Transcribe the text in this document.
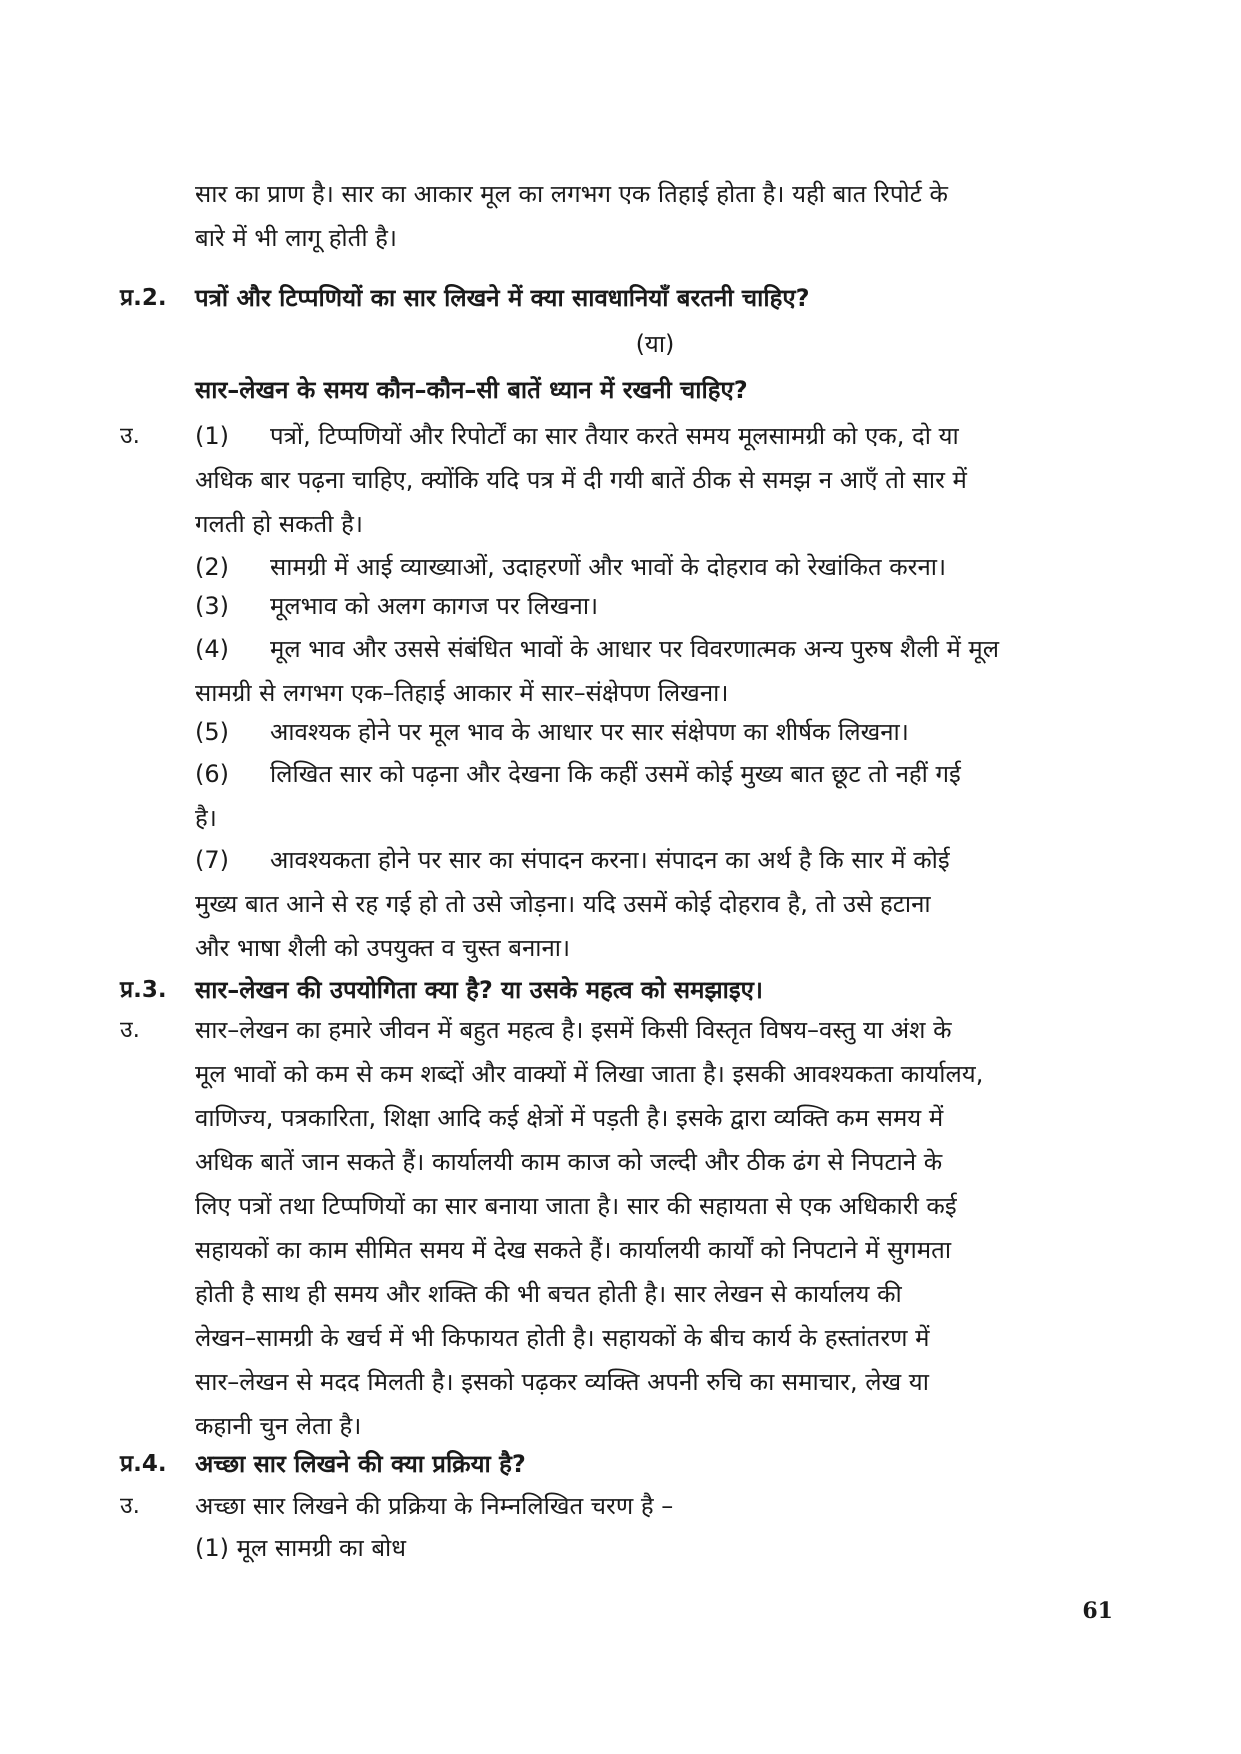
सार का प्राण है। सार का आकार मूल का लगभग एक तिहाई होता है। यही बात रिपोर्ट के
बारे में भी लागू होती है।
प्र.2. पत्रों और टिप्पणियों का सार लिखने में क्या सावधानियाँ बरतनी चाहिए?
(या)
सार–लेखन के समय कौन–कौन–सी बातें ध्यान में रखनी चाहिए?
उ. (1) पत्रों, टिप्पणियों और रिपोर्टों का सार तैयार करते समय मूलसामग्री को एक, दो या
अधिक बार पढ़ना चाहिए, क्योंकि यदि पत्र में दी गयी बातें ठीक से समझ न आएँ तो सार में
गलती हो सकती है।
(2) सामग्री में आई व्याख्याओं, उदाहरणों और भावों के दोहराव को रेखांकित करना।
(3) मूलभाव को अलग कागज पर लिखना।
(4) मूल भाव और उससे संबंधित भावों के आधार पर विवरणात्मक अन्य पुरुष शैली में मूल
सामग्री से लगभग एक–तिहाई आकार में सार–संक्षेपण लिखना।
(5) आवश्यक होने पर मूल भाव के आधार पर सार संक्षेपण का शीर्षक लिखना।
(6) लिखित सार को पढ़ना और देखना कि कहीं उसमें कोई मुख्य बात छूट तो नहीं गई
है।
(7) आवश्यकता होने पर सार का संपादन करना। संपादन का अर्थ है कि सार में कोई
मुख्य बात आने से रह गई हो तो उसे जोड़ना। यदि उसमें कोई दोहराव है, तो उसे हटाना
और भाषा शैली को उपयुक्त व चुस्त बनाना।
प्र.3. सार–लेखन की उपयोगिता क्या है? या उसके महत्व को समझाइए।
उ. सार–लेखन का हमारे जीवन में बहुत महत्व है। इसमें किसी विस्तृत विषय–वस्तु या अंश के
मूल भावों को कम से कम शब्दों और वाक्यों में लिखा जाता है। इसकी आवश्यकता कार्यालय,
वाणिज्य, पत्रकारिता, शिक्षा आदि कई क्षेत्रों में पड़ती है। इसके द्वारा व्यक्ति कम समय में
अधिक बातें जान सकते हैं। कार्यालयी काम काज को जल्दी और ठीक ढंग से निपटाने के
लिए पत्रों तथा टिप्पणियों का सार बनाया जाता है। सार की सहायता से एक अधिकारी कई
सहायकों का काम सीमित समय में देख सकते हैं। कार्यालयी कार्यों को निपटाने में सुगमता
होती है साथ ही समय और शक्ति की भी बचत होती है। सार लेखन से कार्यालय की
लेखन–सामग्री के खर्च में भी किफायत होती है। सहायकों के बीच कार्य के हस्तांतरण में
सार–लेखन से मदद मिलती है। इसको पढ़कर व्यक्ति अपनी रुचि का समाचार, लेख या
कहानी चुन लेता है।
प्र.4. अच्छा सार लिखने की क्या प्रक्रिया है?
उ. अच्छा सार लिखने की प्रक्रिया के निम्नलिखित चरण है –
(1) मूल सामग्री का बोध
61
